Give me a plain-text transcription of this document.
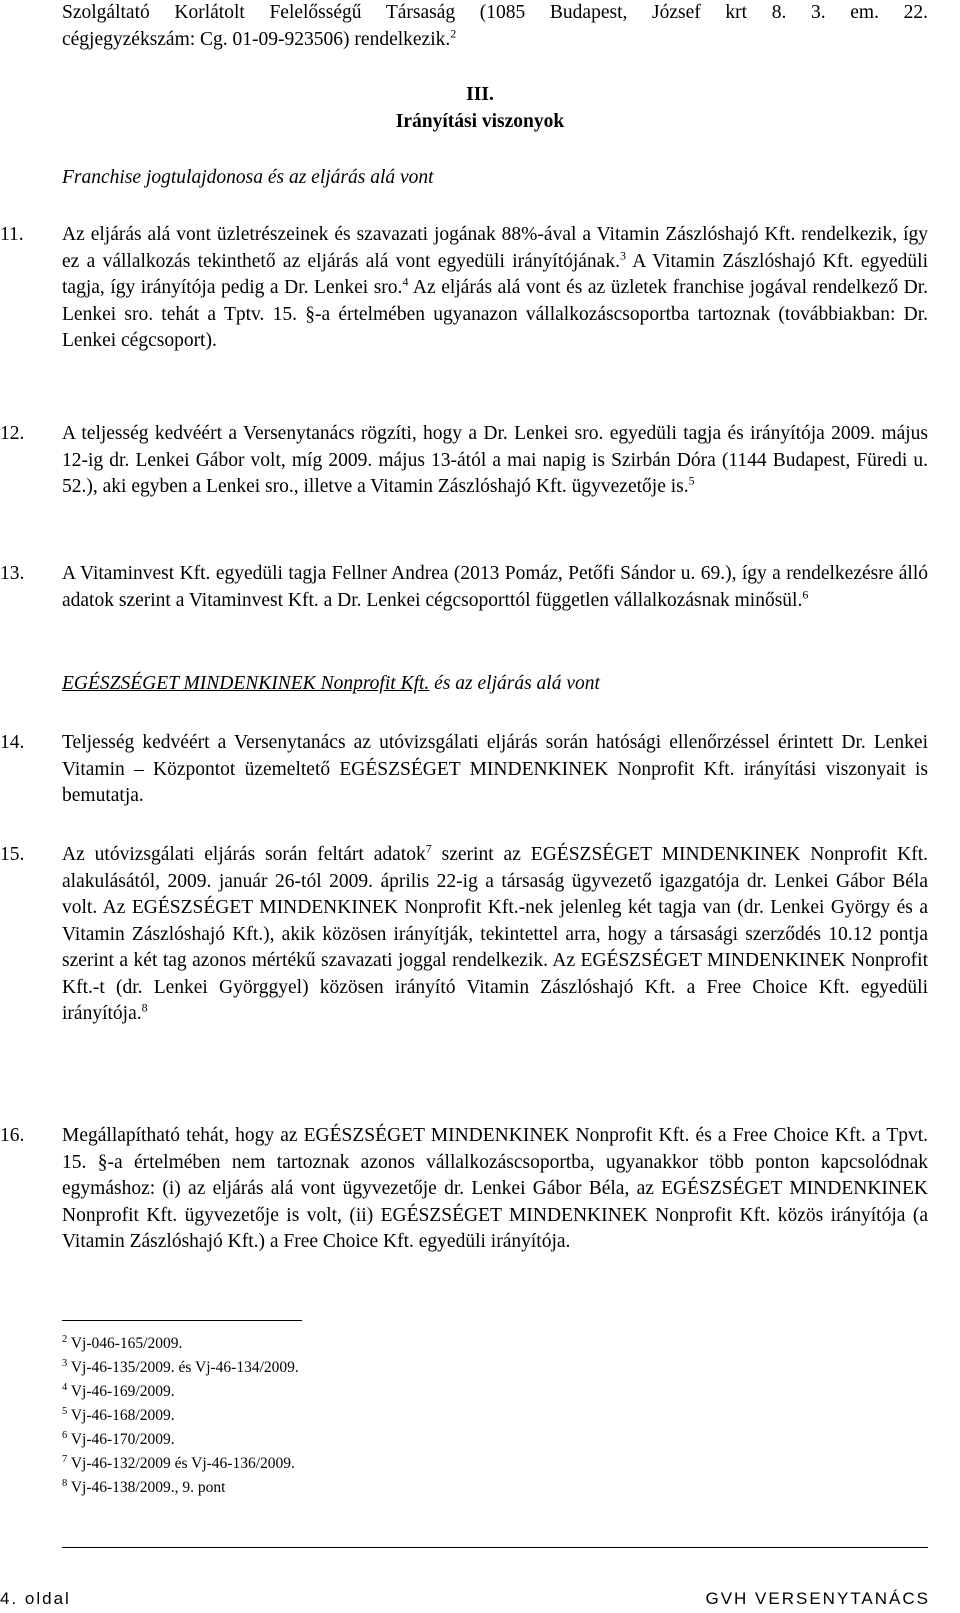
Szolgáltató Korlátolt Felelősségű Társaság (1085 Budapest, József krt 8. 3. em. 22.
cégjegyzékszám: Cg. 01-09-923506) rendelkezik.$^2$
III.
Irányítási viszonyok
Franchise jogtulajdonosa és az eljárás alá vont
11. Az eljárás alá vont üzletrészeinek és szavazati jogának 88%-ával a Vitamin Zászlóshajó Kft. rendelkezik, így ez a vállalkozás tekinthető az eljárás alá vont egyedüli irányítójának.$^3$ A Vitamin Zászlóshajó Kft. egyedüli tagja, így irányítója pedig a Dr. Lenkei sro.$^4$ Az eljárás alá vont és az üzletek franchise jogával rendelkező Dr. Lenkei sro. tehát a Tptv. 15. §-a értelmében ugyanazon vállalkozáscsoportba tartoznak (továbbiakban: Dr. Lenkei cégcsoport).
12. A teljesség kedvéért a Versenytanács rögzíti, hogy a Dr. Lenkei sro. egyedüli tagja és irányítója 2009. május 12-ig dr. Lenkei Gábor volt, míg 2009. május 13-ától a mai napig is Szirbán Dóra (1144 Budapest, Füredi u. 52.), aki egyben a Lenkei sro., illetve a Vitamin Zászlóshajó Kft. ügyvezetője is.$^5$
13. A Vitaminvest Kft. egyedüli tagja Fellner Andrea (2013 Pomáz, Petőfi Sándor u. 69.), így a rendelkezésre álló adatok szerint a Vitaminvest Kft. a Dr. Lenkei cégcsoporttól független vállalkozásnak minősül.$^6$
EGÉSZSÉGET MINDENKINEK Nonprofit Kft. és az eljárás alá vont
14. Teljesség kedvéért a Versenytanács az utóvizsgálati eljárás során hatósági ellenőrzéssel érintett Dr. Lenkei Vitamin – Központot üzemeltető EGÉSZSÉGET MINDENKINEK Nonprofit Kft. irányítási viszonyait is bemutatja.
15. Az utóvizsgálati eljárás során feltárt adatok$^7$ szerint az EGÉSZSÉGET MINDENKINEK Nonprofit Kft. alakulásától, 2009. január 26-tól 2009. április 22-ig a társaság ügyvezető igazgatója dr. Lenkei Gábor Béla volt. Az EGÉSZSÉGET MINDENKINEK Nonprofit Kft.-nek jelenleg két tagja van (dr. Lenkei György és a Vitamin Zászlóshajó Kft.), akik közösen irányítják, tekintettel arra, hogy a társasági szerződés 10.12 pontja szerint a két tag azonos mértékű szavazati joggal rendelkezik. Az EGÉSZSÉGET MINDENKINEK Nonprofit Kft.-t (dr. Lenkei Györggyel) közösen irányító Vitamin Zászlóshajó Kft. a Free Choice Kft. egyedüli irányítója.$^8$
16. Megállapítható tehát, hogy az EGÉSZSÉGET MINDENKINEK Nonprofit Kft. és a Free Choice Kft. a Tpvt. 15. §-a értelmében nem tartoznak azonos vállalkozáscsoportba, ugyanakkor több ponton kapcsolódnak egymáshoz: (i) az eljárás alá vont ügyvezetője dr. Lenkei Gábor Béla, az EGÉSZSÉGET MINDENKINEK Nonprofit Kft. ügyvezetője is volt, (ii) EGÉSZSÉGET MINDENKINEK Nonprofit Kft. közös irányítója (a Vitamin Zászlóshajó Kft.) a Free Choice Kft. egyedüli irányítója.
$^2$ Vj-046-165/2009.
$^3$ Vj-46-135/2009. és Vj-46-134/2009.
$^4$ Vj-46-169/2009.
$^5$ Vj-46-168/2009.
$^6$ Vj-46-170/2009.
$^7$ Vj-46-132/2009 és Vj-46-136/2009.
$^8$ Vj-46-138/2009., 9. pont
4. oldal	GVH VERSENYTANÁCS
